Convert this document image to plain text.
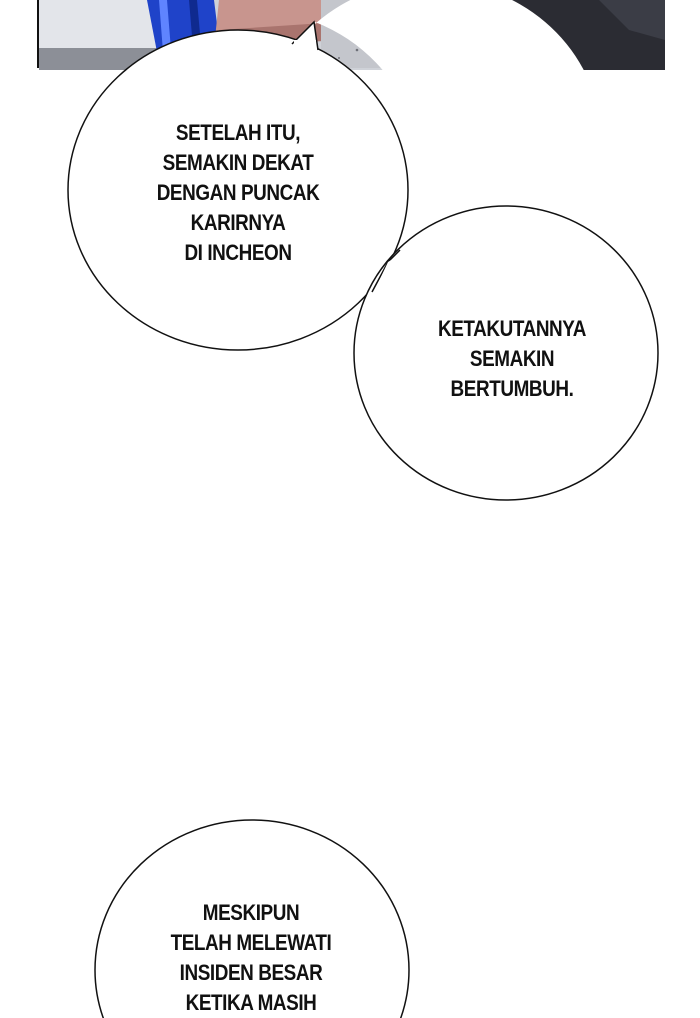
SETELAH ITU,
SEMAKIN DEKAT
DENGAN PUNCAK
KARIRNYA
DI INCHEON
KETAKUTANNYA
SEMAKIN
BERTUMBUH.
MESKIPUN
TELAH MELEWATI
INSIDEN BESAR
KETIKA MASIH
